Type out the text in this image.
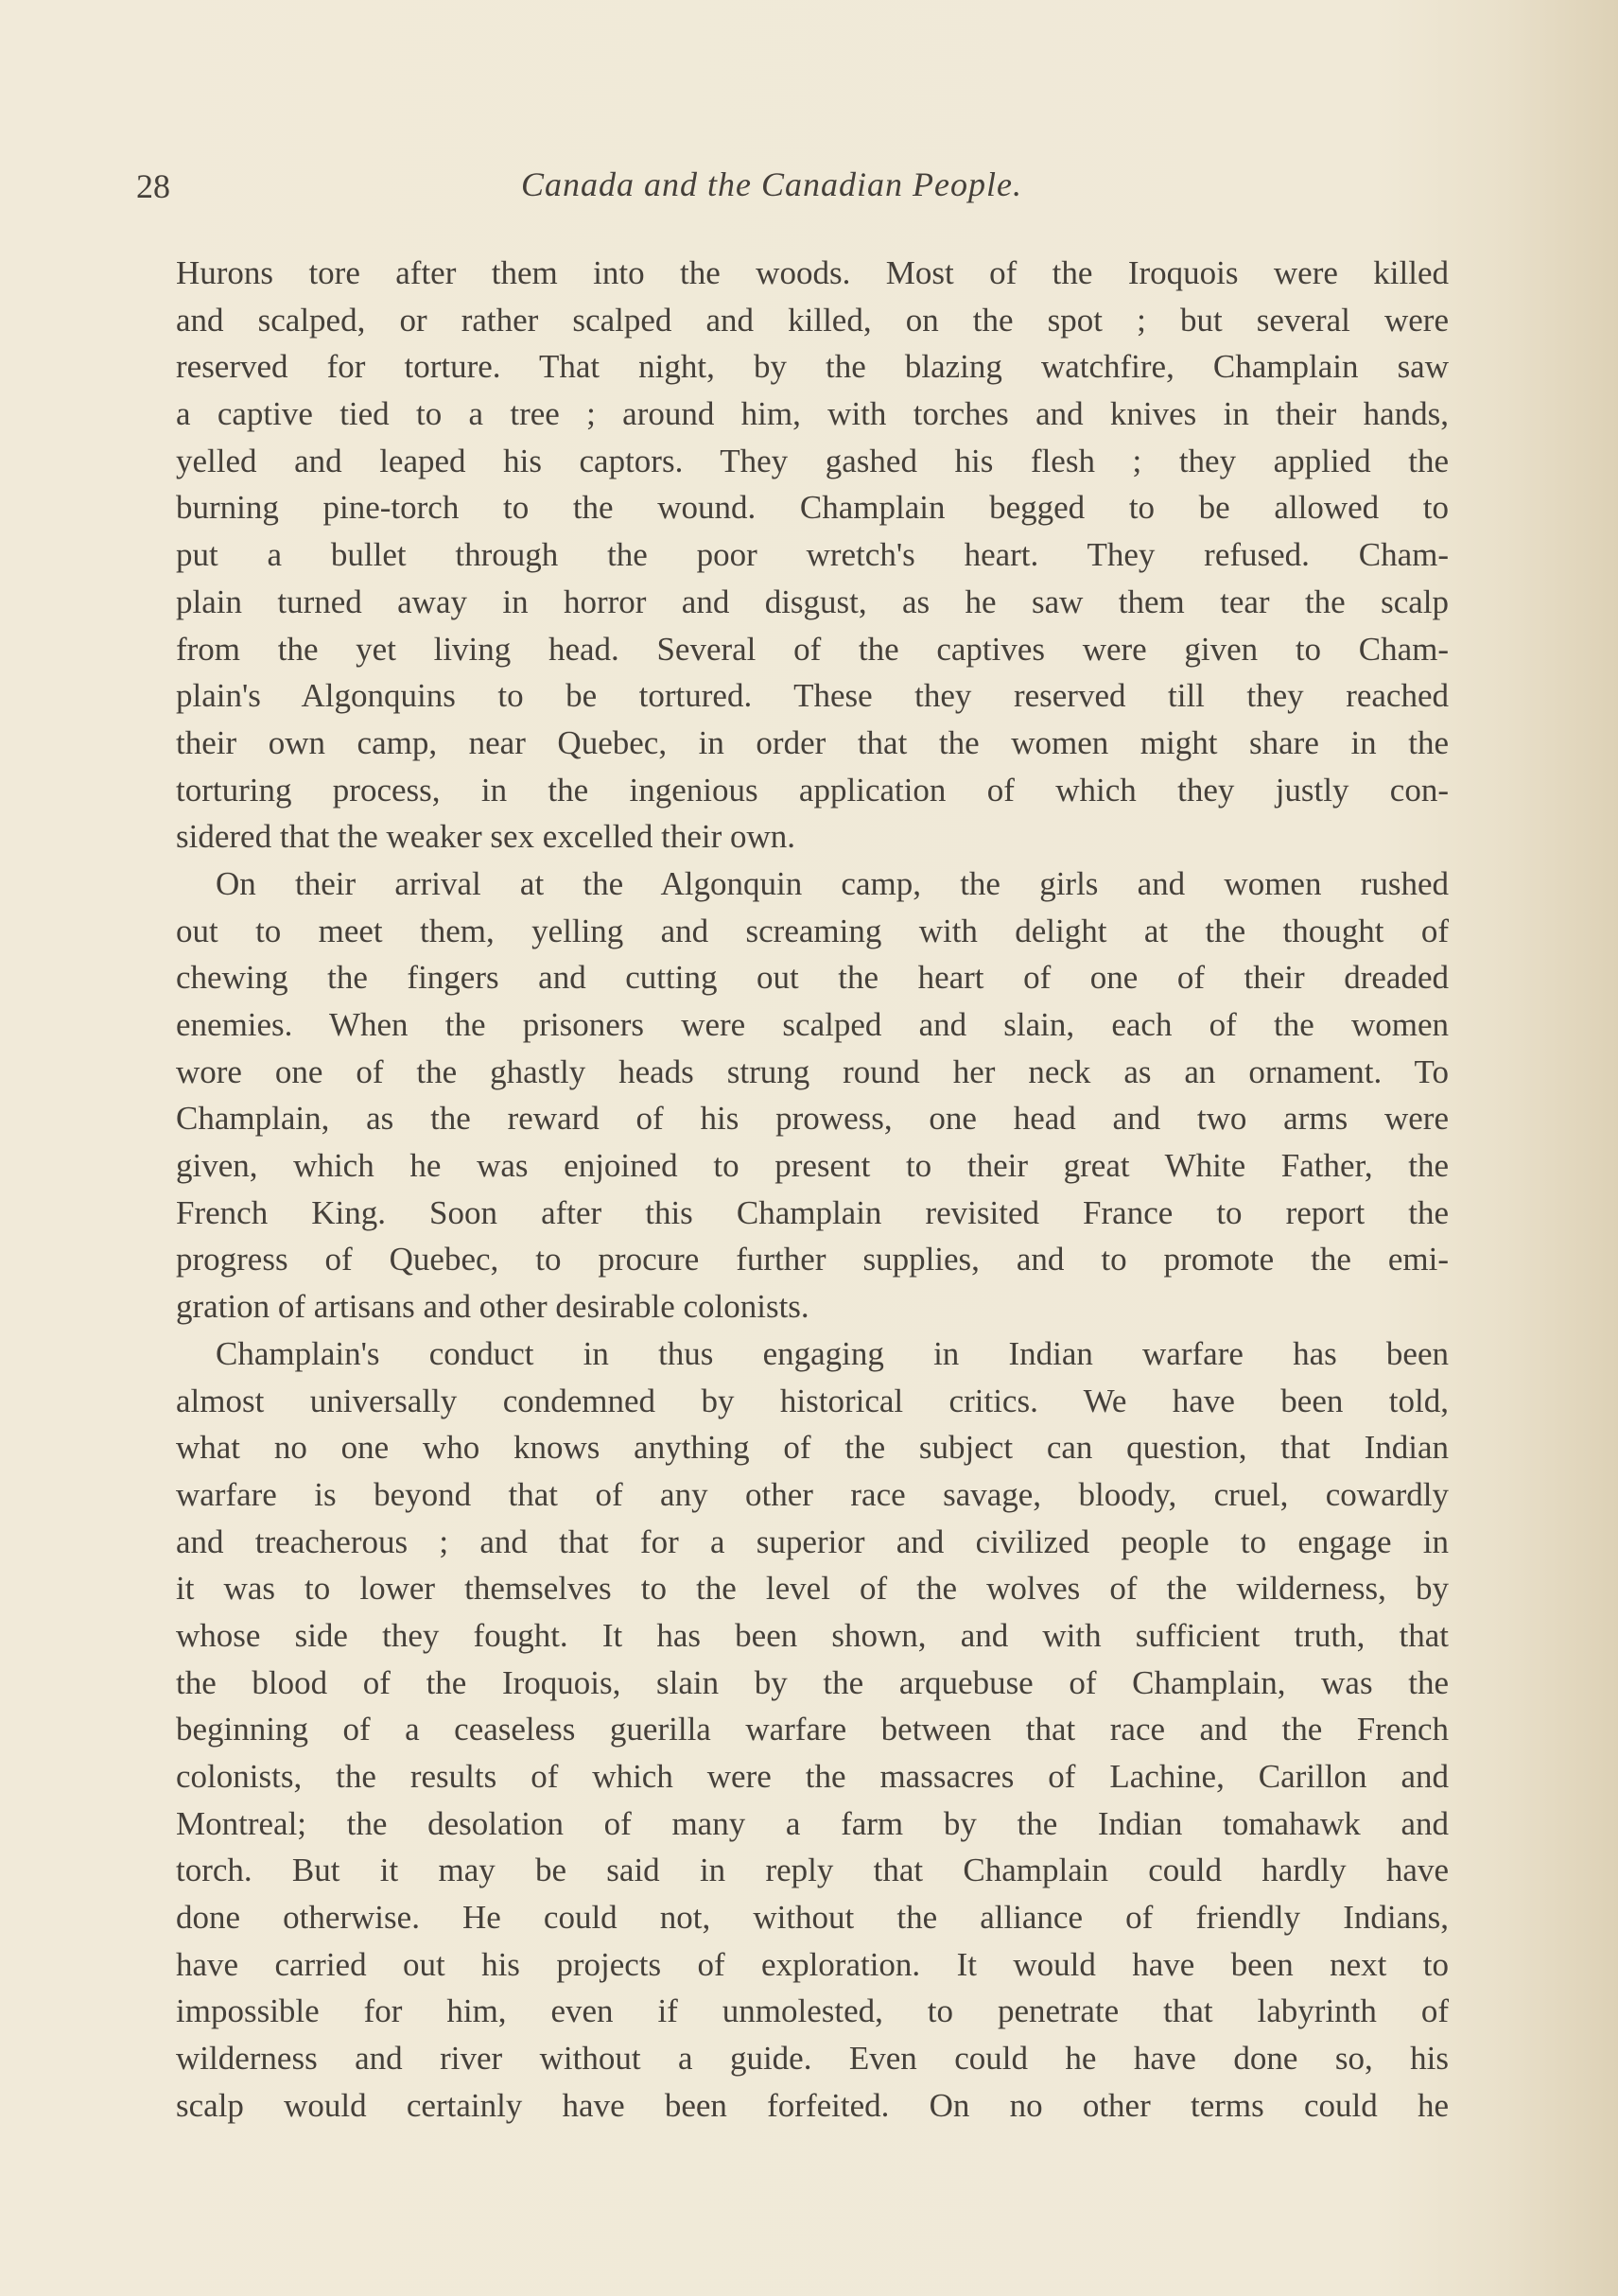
28	Canada and the Canadian People.
Hurons tore after them into the woods. Most of the Iroquois were killed
and scalped, or rather scalped and killed, on the spot ; but several were
reserved for torture. That night, by the blazing watchfire, Champlain saw
a captive tied to a tree ; around him, with torches and knives in their hands,
yelled and leaped his captors. They gashed his flesh ; they applied the
burning pine-torch to the wound. Champlain begged to be allowed to
put a bullet through the poor wretch's heart. They refused. Cham-
plain turned away in horror and disgust, as he saw them tear the scalp
from the yet living head. Several of the captives were given to Cham-
plain's Algonquins to be tortured. These they reserved till they reached
their own camp, near Quebec, in order that the women might share in the
torturing process, in the ingenious application of which they justly con-
sidered that the weaker sex excelled their own.
On their arrival at the Algonquin camp, the girls and women rushed
out to meet them, yelling and screaming with delight at the thought of
chewing the fingers and cutting out the heart of one of their dreaded
enemies. When the prisoners were scalped and slain, each of the women
wore one of the ghastly heads strung round her neck as an ornament. To
Champlain, as the reward of his prowess, one head and two arms were
given, which he was enjoined to present to their great White Father, the
French King. Soon after this Champlain revisited France to report the
progress of Quebec, to procure further supplies, and to promote the emi-
gration of artisans and other desirable colonists.
Champlain's conduct in thus engaging in Indian warfare has been
almost universally condemned by historical critics. We have been told,
what no one who knows anything of the subject can question, that Indian
warfare is beyond that of any other race savage, bloody, cruel, cowardly
and treacherous ; and that for a superior and civilized people to engage in
it was to lower themselves to the level of the wolves of the wilderness, by
whose side they fought. It has been shown, and with sufficient truth, that
the blood of the Iroquois, slain by the arquebuse of Champlain, was the
beginning of a ceaseless guerilla warfare between that race and the French
colonists, the results of which were the massacres of Lachine, Carillon and
Montreal; the desolation of many a farm by the Indian tomahawk and
torch. But it may be said in reply that Champlain could hardly have
done otherwise. He could not, without the alliance of friendly Indians,
have carried out his projects of exploration. It would have been next to
impossible for him, even if unmolested, to penetrate that labyrinth of
wilderness and river without a guide. Even could he have done so, his
scalp would certainly have been forfeited. On no other terms could he
